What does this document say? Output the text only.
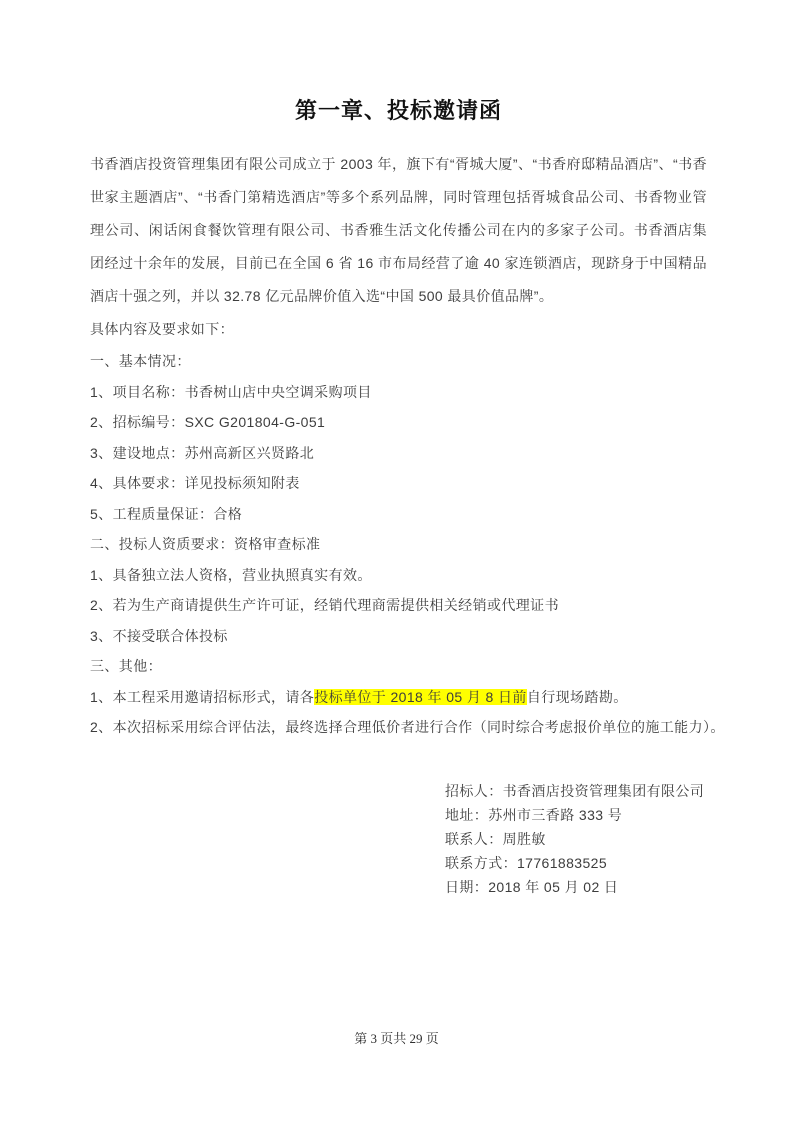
第一章、投标邀请函

书香酒店投资管理集团有限公司成立于 2003 年，旗下有“胥城大厦”、“书香府邸精品酒店”、“书香世家主题酒店”、“书香门第精选酒店”等多个系列品牌，同时管理包括胥城食品公司、书香物业管理公司、闲话闲食餐饮管理有限公司、书香雅生活文化传播公司在内的多家子公司。书香酒店集团经过十余年的发展，目前已在全国 6 省 16 市布局经营了逾 40 家连锁酒店，现跻身于中国精品酒店十强之列，并以 32.78 亿元品牌价值入选“中国 500 最具价值品牌”。

具体内容及要求如下：
一、基本情况：
1、项目名称：书香树山店中央空调采购项目
2、招标编号：SXC G201804-G-051
3、建设地点：苏州高新区兴贤路北
4、具体要求：详见投标须知附表
5、工程质量保证：合格
二、投标人资质要求：资格审查标准
1、具备独立法人资格，营业执照真实有效。
2、若为生产商请提供生产许可证，经销代理商需提供相关经销或代理证书
3、不接受联合体投标
三、其他：
1、本工程采用邀请招标形式，请各投标单位于 2018 年 05 月 8 日前自行现场踏勘。
2、本次招标采用综合评估法，最终选择合理低价者进行合作（同时综合考虑报价单位的施工能力）。
招标人：书香酒店投资管理集团有限公司
地址：苏州市三香路 333 号
联系人：周胜敏
联系方式：17761883525
日期：2018 年 05 月 02 日
第 3 页共 29 页
